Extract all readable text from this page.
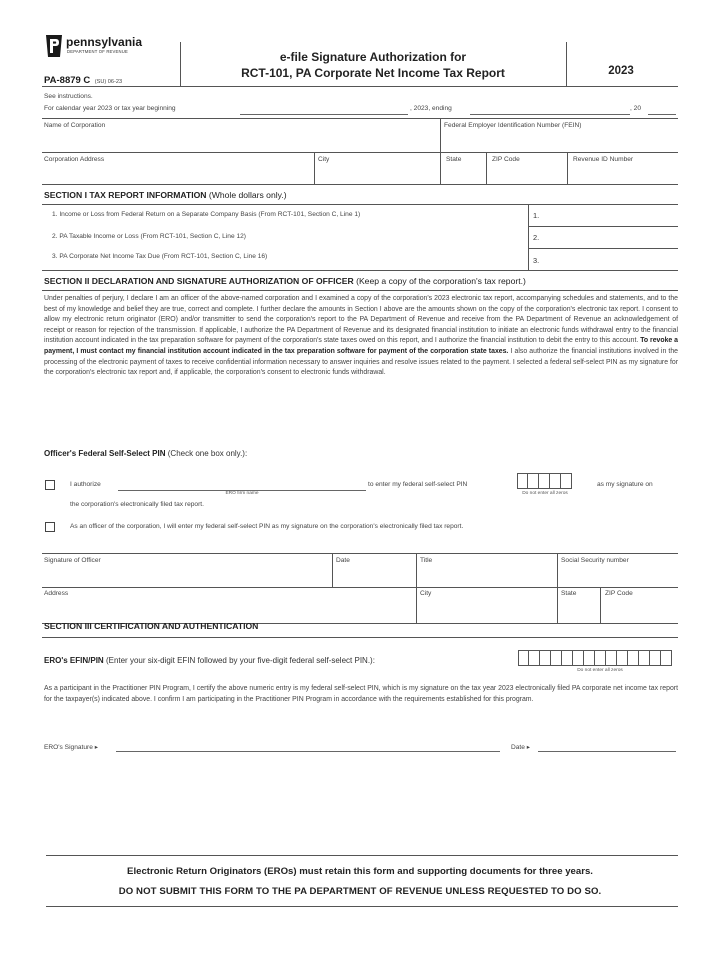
pennsylvania
DEPARTMENT OF REVENUE
PA-8879 C (SU) 06-23
e-file Signature Authorization for
RCT-101, PA Corporate Net Income Tax Report	2023
See instructions.
For calendar year 2023 or tax year beginning	, 2023, ending	, 20
Name of Corporation	Federal Employer Identification Number (FEIN)
Corporation Address	City	State	ZIP Code	Revenue ID Number
SECTION I TAX REPORT INFORMATION (Whole dollars only.)
1. Income or Loss from Federal Return on a Separate Company Basis (From RCT-101, Section C, Line 1)	1.
2. PA Taxable Income or Loss (From RCT-101, Section C, Line 12)	2.
3. PA Corporate Net Income Tax Due (From RCT-101, Section C, Line 16)	3.
SECTION II DECLARATION AND SIGNATURE AUTHORIZATION OF OFFICER (Keep a copy of the corporation's tax report.)
Under penalties of perjury, I declare I am an officer of the above-named corporation and I examined a copy of the corporation's 2023 electronic tax report, accompanying schedules and statements, and to the best of my knowledge and belief they are true, correct and complete. I further declare the amounts in Section I above are the amounts shown on the copy of the corporation's electronic tax report. I consent to allow my electronic return originator (ERO) and/or transmitter to send the corporation's report to the PA Department of Revenue and receive from the PA Department of Revenue an acknowledgement of receipt or reason for rejection of the transmission. If applicable, I authorize the PA Department of Revenue and its designated financial institution to initiate an electronic funds withdrawal entry to the financial institution account indicated in the tax preparation software for payment of the corporation's state taxes owed on this report, and I authorize the financial institution to debit the entry to this account. To revoke a payment, I must contact my financial institution account indicated in the tax preparation software for payment of the corporation state taxes. I also authorize the financial institutions involved in the processing of the electronic payment of taxes to receive confidential information necessary to answer inquiries and resolve issues related to the payment. I selected a federal self-select PIN as my signature for the corporation's electronic tax report and, if applicable, the corporation's consent to electronic funds withdrawal.
Officer's Federal Self-Select PIN (Check one box only.):
I authorize
ERO firm name
to enter my federal self-select PIN
Do not enter all zeros
as my signature on
the corporation's electronically filed tax report.
As an officer of the corporation, I will enter my federal self-select PIN as my signature on the corporation's electronically filed tax report.
Signature of Officer	Date	Title	Social Security number
Address	City	State	ZIP Code
SECTION III CERTIFICATION AND AUTHENTICATION
ERO's EFIN/PIN (Enter your six-digit EFIN followed by your five-digit federal self-select PIN.):
Do not enter all zeros
As a participant in the Practitioner PIN Program, I certify the above numeric entry is my federal self-select PIN, which is my signature on the tax year 2023 electronically filed PA corporate net income tax report for the taxpayer(s) indicated above. I confirm I am participating in the Practitioner PIN Program in accordance with the requirements established for this program.
ERO's Signature ▸	Date ▸
Electronic Return Originators (EROs) must retain this form and supporting documents for three years.
DO NOT SUBMIT THIS FORM TO THE PA DEPARTMENT OF REVENUE UNLESS REQUESTED TO DO SO.
